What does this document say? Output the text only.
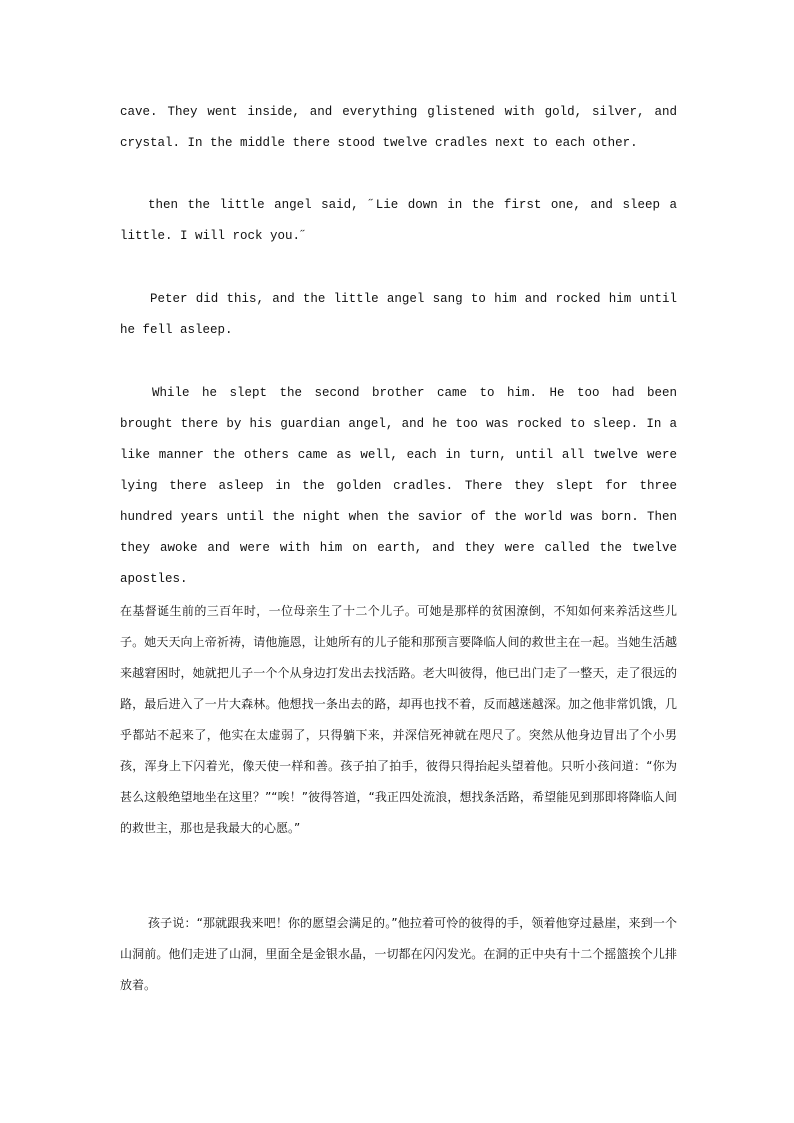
cave. They went inside, and everything glistened with gold, silver, and crystal. In the middle there stood twelve cradles next to each other.

then the little angel said, ˝Lie down in the first one, and sleep a little. I will rock you.˝

Peter did this, and the little angel sang to him and rocked him until he fell asleep.

While he slept the second brother came to him. He too had been brought there by his guardian angel, and he too was rocked to sleep. In a like manner the others came as well, each in turn, until all twelve were lying there asleep in the golden cradles. There they slept for three hundred years until the night when the savior of the world was born. Then they awoke and were with him on earth, and they were called the twelve apostles.

在基督诞生前的三百年时，一位母亲生了十二个儿子。可她是那样的贫困潦倒，不知如何来养活这些儿子。她天天向上帝祈祷，请他施恩，让她所有的儿子能和那预言要降临人间的救世主在一起。当她生活越来越窘困时，她就把儿子一个个从身边打发出去找活路。老大叫彼得，他已出门走了一整天，走了很远的路，最后进入了一片大森林。他想找一条出去的路，却再也找不着，反而越迷越深。加之他非常饥饿，几乎都站不起来了，他实在太虚弱了，只得躺下来，并深信死神就在咫尺了。突然从他身边冒出了个小男孩，浑身上下闪着光，像天使一样和善。孩子拍了拍手，彼得只得抬起头望着他。只听小孩问道：“你为甚么这般绝望地坐在这里？”“唉！”彼得答道，“我正四处流浪，想找条活路，希望能见到那即将降临人间的救世主，那也是我最大的心愿。”

孩子说：“那就跟我来吧！你的愿望会满足的。”他拉着可怜的彼得的手，领着他穿过悬崖，来到一个山洞前。他们走进了山洞，里面全是金银水晶，一切都在闪闪发光。在洞的正中央有十二个摇篮挨个儿排放着。
